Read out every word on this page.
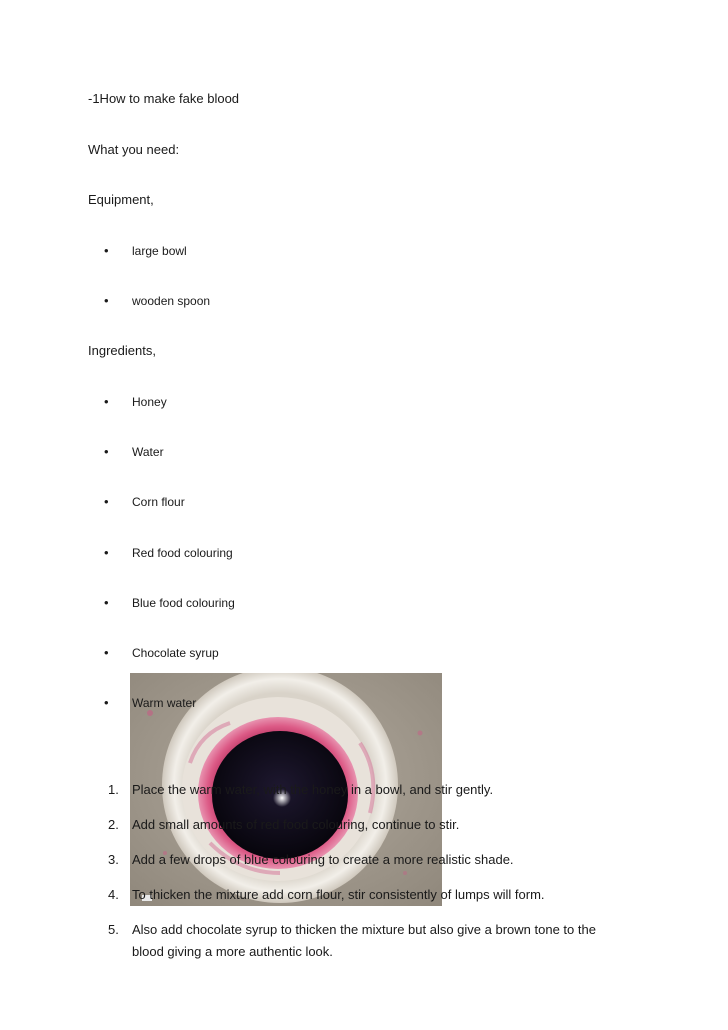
-1How to make fake blood
What you need:
Equipment,
• large bowl
• wooden spoon
Ingredients,
• Honey
• Water
• Corn flour
• Red food colouring
• Blue food colouring
• Chocolate syrup
• Warm water
1. Place the warm water, with the honey in a bowl, and stir gently.
2. Add small amounts of red food colouring, continue to stir.
3. Add a few drops of blue colouring to create a more realistic shade.
4. To thicken the mixture add corn flour, stir consistently of lumps will form.
5. Also add chocolate syrup to thicken the mixture but also give a brown tone to the
blood giving a more authentic look.
